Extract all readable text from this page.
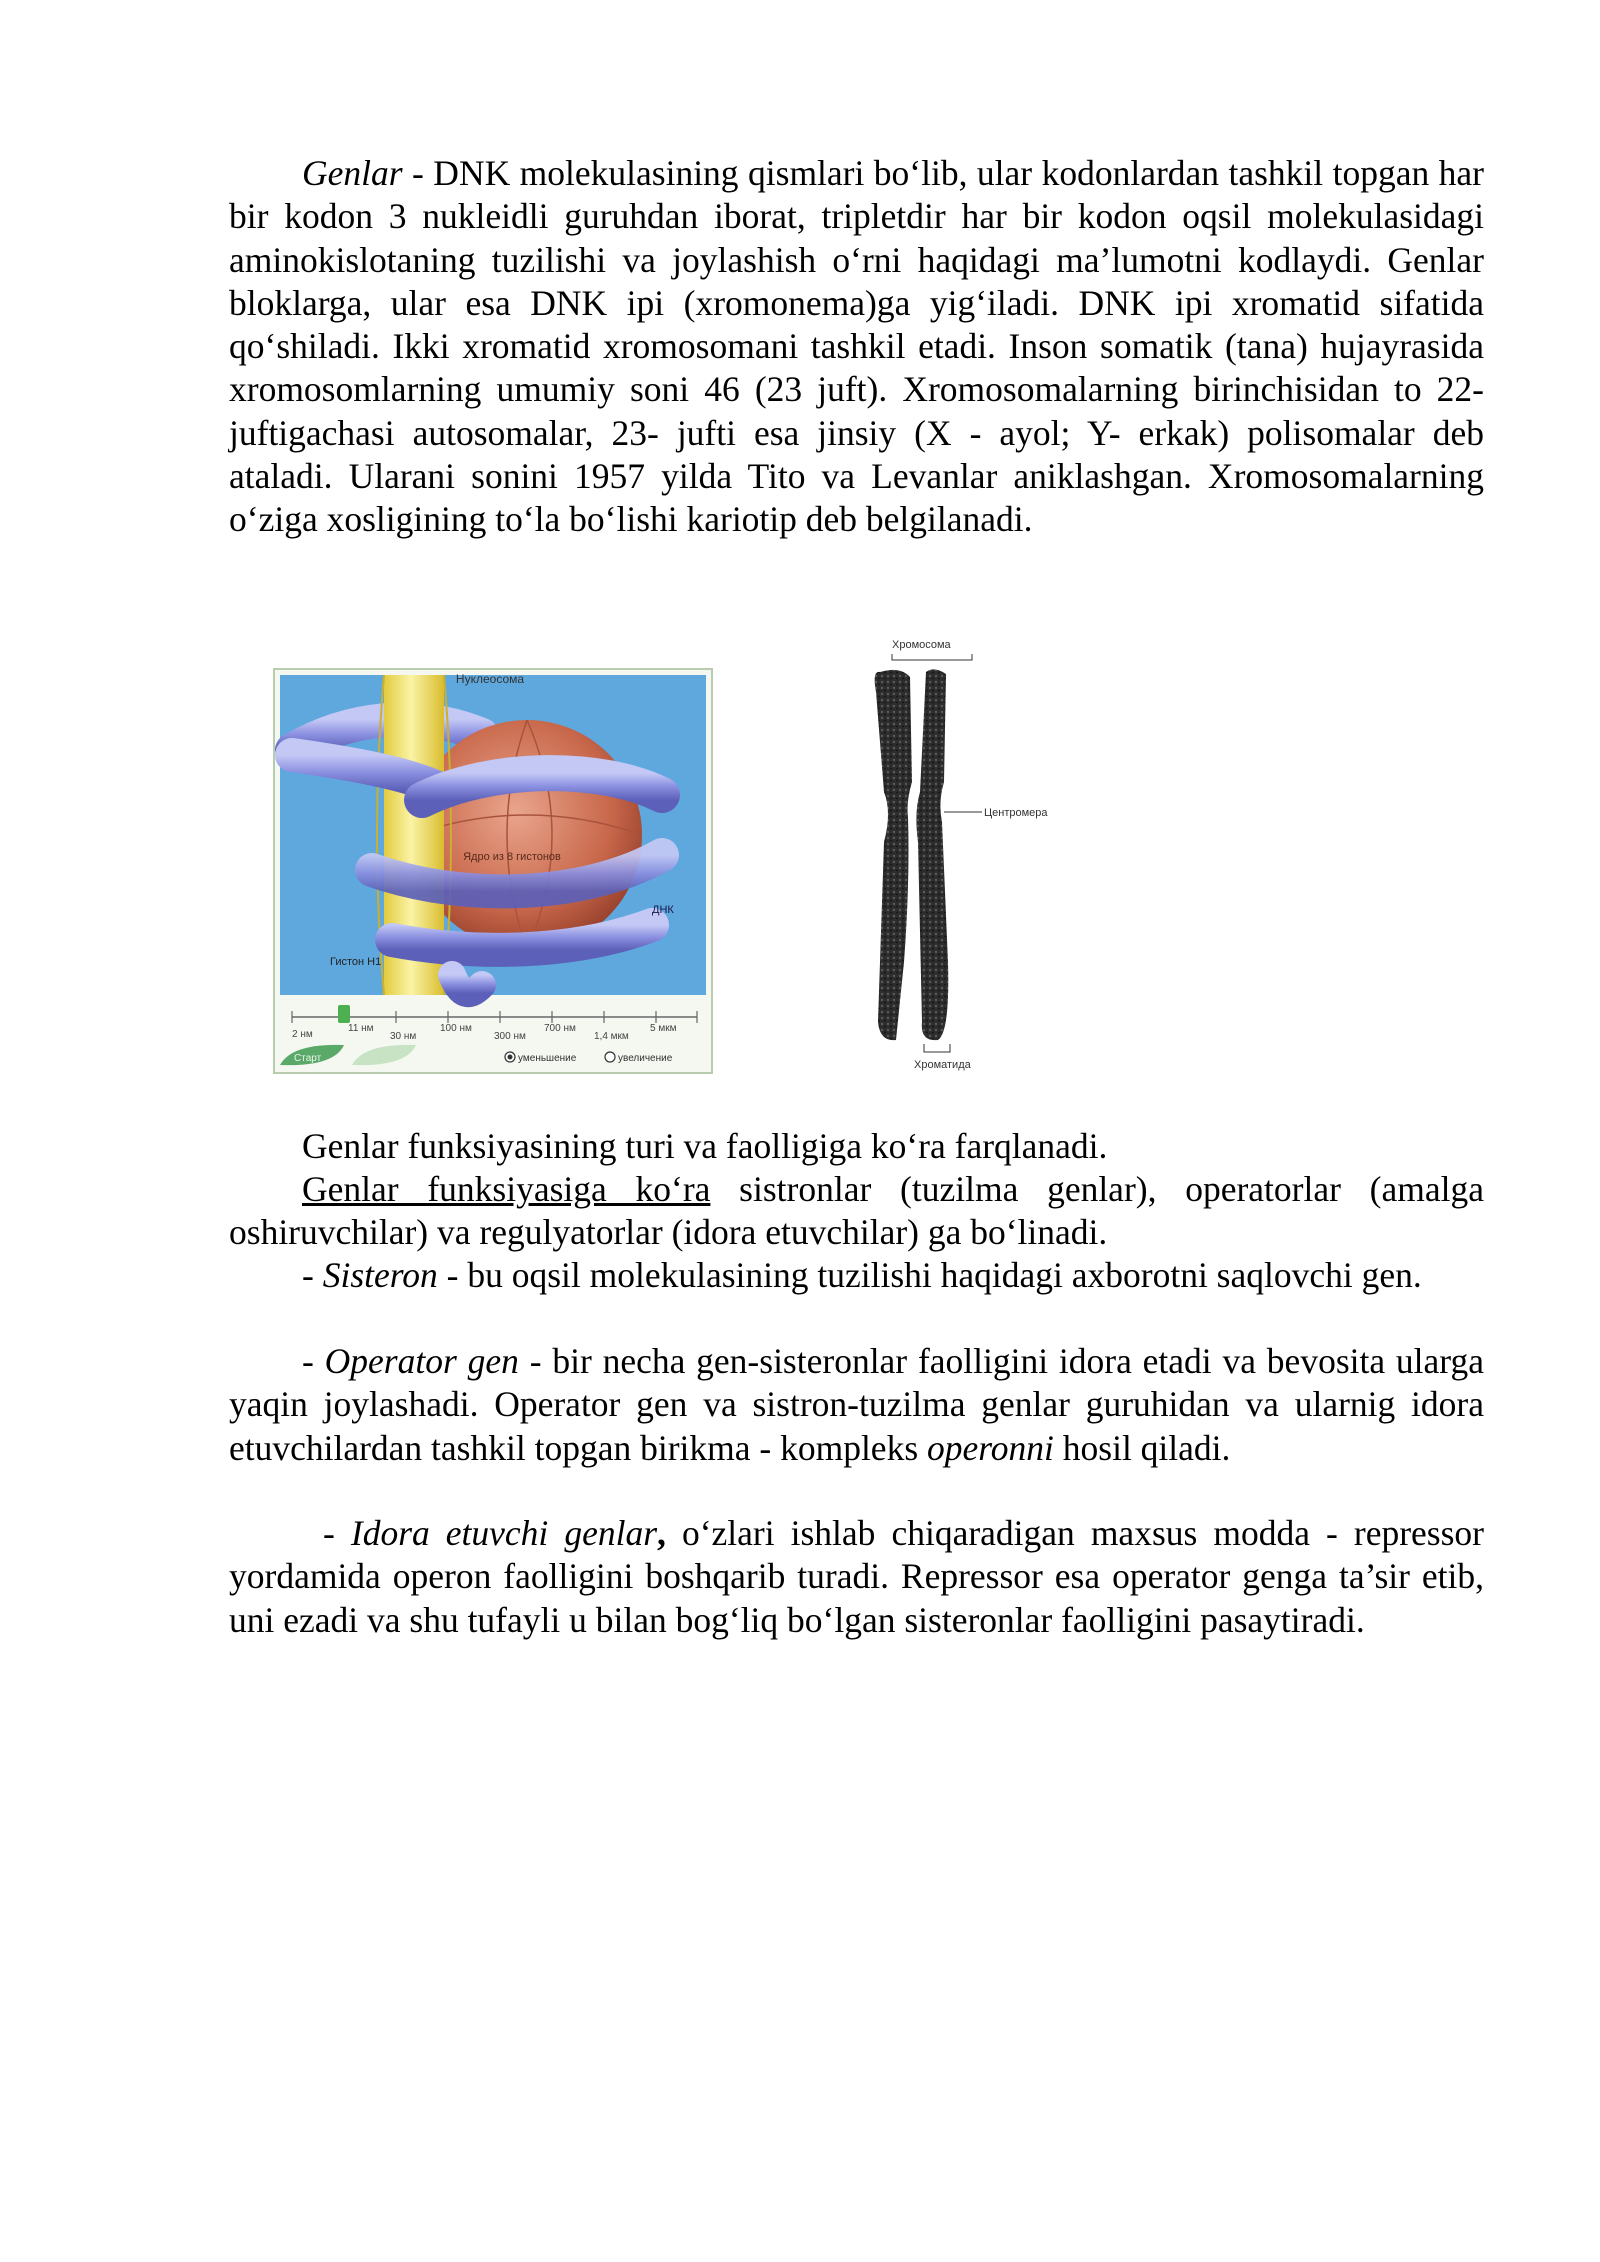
Genlar - DNK molekulasining qismlari bo‘lib, ular kodonlardan tashkil topgan har bir kodon 3 nukleidli guruhdan iborat, tripletdir har bir kodon oqsil molekulasidagi aminokislotaning tuzilishi va joylashish o‘rni haqidagi ma’lumotni kodlaydi. Genlar bloklarga, ular esa DNK ipi (xromonema)ga yig‘iladi. DNK ipi xromatid sifatida qo‘shiladi. Ikki xromatid xromosomani tashkil etadi. Inson somatik (tana) hujayrasida xromosomlarning umumiy soni 46 (23 juft). Xromosomalarning birinchisidan to 22- juftigachasi autosomalar, 23- jufti esa jinsiy (X - ayol; Y- erkak) polisomalar deb ataladi. Ularani sonini 1957 yilda Tito va Levanlar aniklashgan. Xromosomalarning o‘ziga xosligining to‘la bo‘lishi kariotip deb belgilanadi.

Нуклеосома
Ядро из 8 гистонов
ДНК
Гистон Н1
2 нм
11 нм
30 нм
100 нм
300 нм
700 нм
1,4 мкм
5 мкм
Старт	уменьшение	увеличение
Хромосома
Центромера
Хроматида

Genlar funksiyasining turi va faolligiga ko‘ra farqlanadi.

Genlar funksiyasiga ko‘ra sistronlar (tuzilma genlar), operatorlar (amalga oshiruvchilar) va regulyatorlar (idora etuvchilar) ga bo‘linadi.

- Sisteron - bu oqsil molekulasining tuzilishi haqidagi axborotni saqlovchi gen.

- Operator gen - bir necha gen-sisteronlar faolligini idora etadi va bevosita ularga yaqin joylashadi. Operator gen va sistron-tuzilma genlar guruhidan va ularnig idora etuvchilardan tashkil topgan birikma - kompleks operonni hosil qiladi.

- Idora etuvchi genlar, o‘zlari ishlab chiqaradigan maxsus modda - repressor yordamida operon faolligini boshqarib turadi. Repressor esa operator genga ta’sir etib, uni ezadi va shu tufayli u bilan bog‘liq bo‘lgan sisteronlar faolligini pasaytiradi.
